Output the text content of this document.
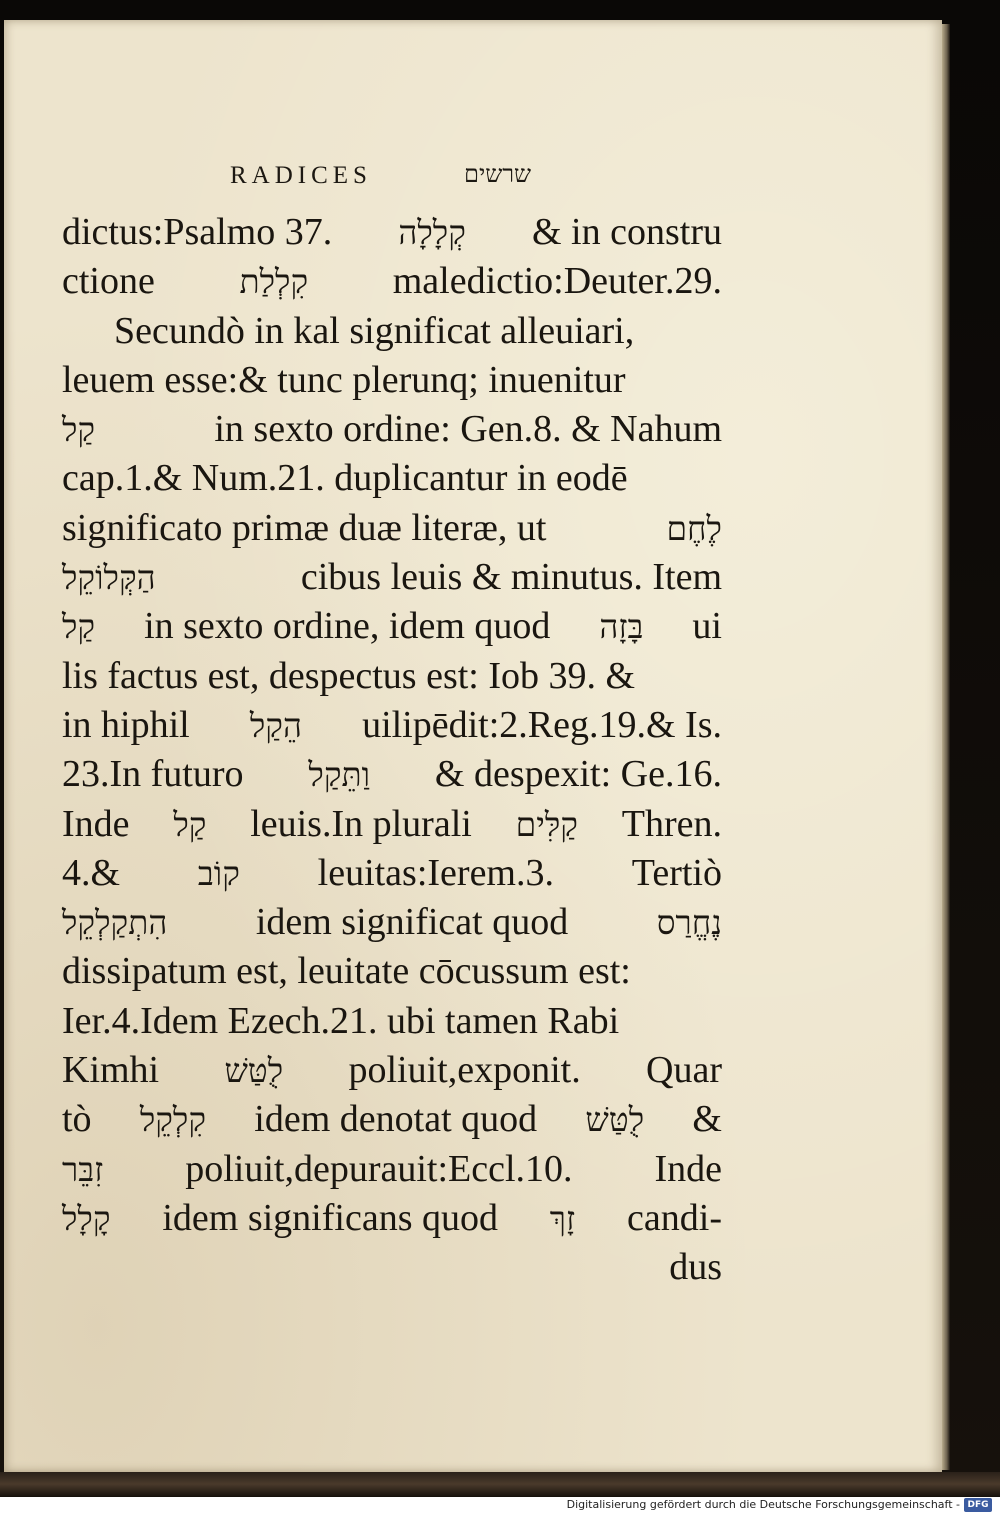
RADICES	שרשים
dictus:Psalmo 37. קְלָלָה & in constru
ctione	קִלְלַת maledictio:Deuter.29.
Secundò in kal significat alleuiari,
leuem esse:& tunc plerunq; inuenitur
קַל	in sexto ordine: Gen.8. & Nahum
cap.1.& Num.21. duplicantur in eodē
significato primæ duæ literæ, ut	לֶחֶם
הַקְּלוֹקֵל	cibus leuis & minutus. Item
קַל in sexto ordine, idem quod בָּזָה ui
lis factus est, despectus est: Iob 39. &
in hiphil הֵקַל uilipēdit:2.Reg.19.& Is.
23.In futuro וַתֵּקַל & despexit: Ge.16.
Inde קַל leuis.In plurali קַלִּים Thren.
4.& קוֹב leuitas:Ierem.3. Tertiò
הִתְקַלְקֵל idem significat quod	נֶחֱרַס
dissipatum est, leuitate cōcussum est:
Ier.4.Idem Ezech.21. ubi tamen Rabi
Kimhi לֻטַּשׁ poliuit,exponit. Quar
tò קִלְקֵל idem denotat quod לֻטַּשׁ &
זִבֵּר poliuit,depurauit:Eccl.10. Inde
קָלָל idem significans quod זָךְ candi-
dus
Digitalisierung gefördert durch die Deutsche Forschungsgemeinschaft - DFG
